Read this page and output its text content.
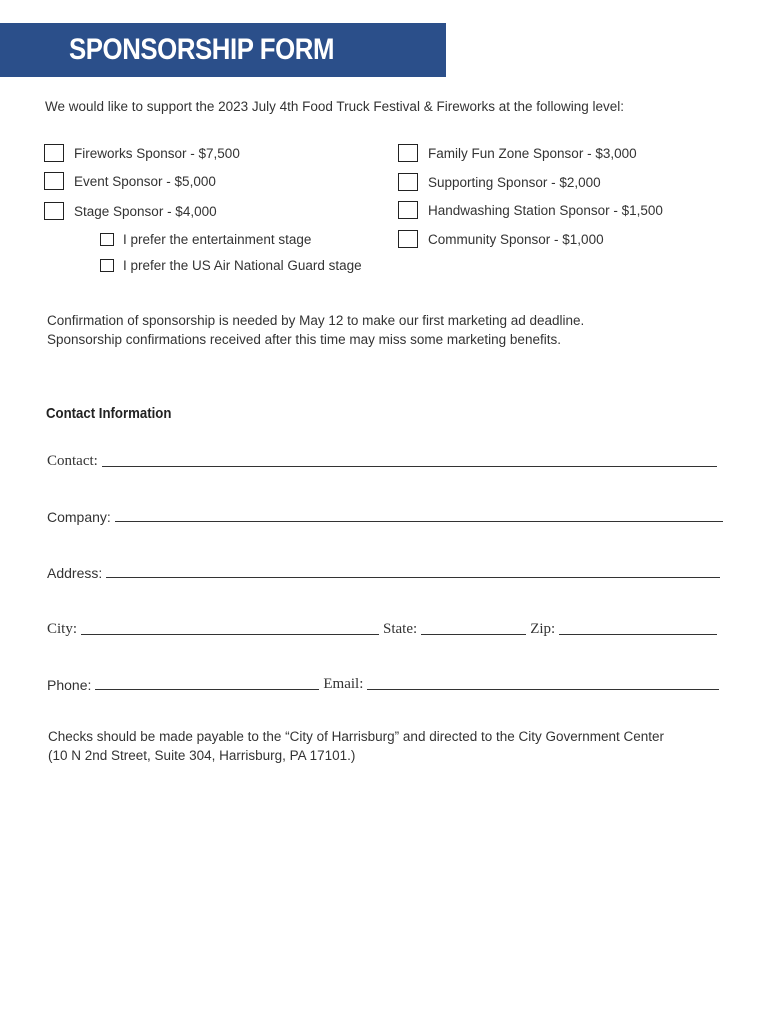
SPONSORSHIP FORM
We would like to support the 2023 July 4th Food Truck Festival & Fireworks at the following level:
Fireworks Sponsor - $7,500
Event Sponsor - $5,000
Stage Sponsor - $4,000
I prefer the entertainment stage
I prefer the US Air National Guard stage
Family Fun Zone Sponsor - $3,000
Supporting Sponsor - $2,000
Handwashing Station Sponsor - $1,500
Community Sponsor - $1,000
Confirmation of sponsorship is needed by May 12 to make our first marketing ad deadline.
Sponsorship confirmations received after this time may miss some marketing benefits.
Contact Information
Contact:
Company:
Address:
City:	State:	Zip:
Phone:	Email:
Checks should be made payable to the “City of Harrisburg” and directed to the City Government Center
(10 N 2nd Street, Suite 304, Harrisburg, PA 17101.)
